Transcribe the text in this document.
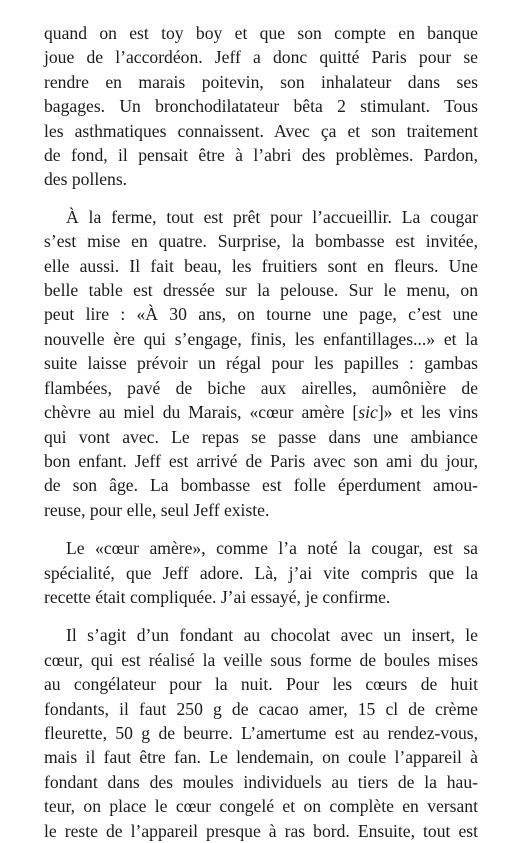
quand on est toy boy et que son compte en banque

joue de l’accordéon. Jeff a donc quitté Paris pour se

rendre en marais poitevin, son inhalateur dans ses

bagages. Un bronchodilatateur bêta 2 stimulant. Tous

les asthmatiques connaissent. Avec ça et son traitement

de fond, il pensait être à l’abri des problèmes. Pardon,

des pollens.

À la ferme, tout est prêt pour l’accueillir. La cougar

s’est mise en quatre. Surprise, la bombasse est invitée,

elle aussi. Il fait beau, les fruitiers sont en fleurs. Une

belle table est dressée sur la pelouse. Sur le menu, on

peut lire : «À 30 ans, on tourne une page, c’est une

nouvelle ère qui s’engage, finis, les enfantillages...» et la

suite laisse prévoir un régal pour les papilles : gambas

flambées, pavé de biche aux airelles, aumônière de

chèvre au miel du Marais, «cœur amère [sic]» et les vins

qui vont avec. Le repas se passe dans une ambiance

bon enfant. Jeff est arrivé de Paris avec son ami du jour,

de son âge. La bombasse est folle éperdument amou-

reuse, pour elle, seul Jeff existe.

Le «cœur amère», comme l’a noté la cougar, est sa

spécialité, que Jeff adore. Là, j’ai vite compris que la

recette était compliquée. J’ai essayé, je confirme.

Il s’agit d’un fondant au chocolat avec un insert, le

cœur, qui est réalisé la veille sous forme de boules mises

au congélateur pour la nuit. Pour les cœurs de huit

fondants, il faut 250 g de cacao amer, 15 cl de crème

fleurette, 50 g de beurre. L’amertume est au rendez-vous,

mais il faut être fan. Le lendemain, on coule l’appareil à

fondant dans des moules individuels au tiers de la hau-

teur, on place le cœur congelé et on complète en versant

le reste de l’appareil presque à ras bord. Ensuite, tout est
